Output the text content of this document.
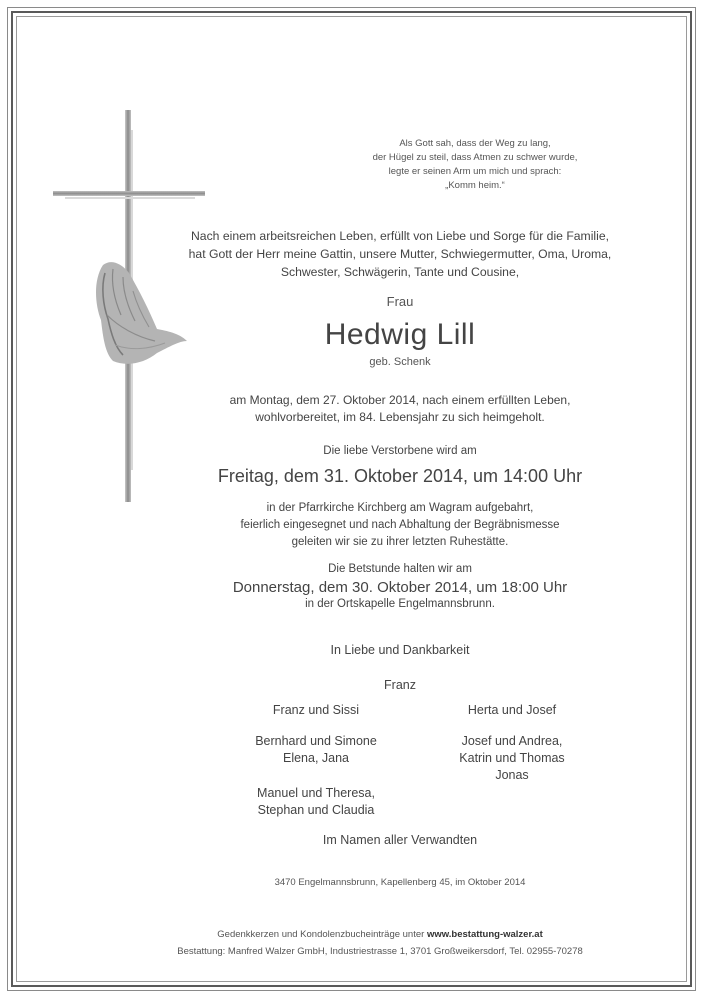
Als Gott sah, dass der Weg zu lang,
der Hügel zu steil, dass Atmen zu schwer wurde,
legte er seinen Arm um mich und sprach:
„Komm heim.“
Nach einem arbeitsreichen Leben, erfüllt von Liebe und Sorge für die Familie,
hat Gott der Herr meine Gattin, unsere Mutter, Schwiegermutter, Oma, Uroma,
Schwester, Schwägerin, Tante und Cousine,
Frau
Hedwig Lill
geb. Schenk
am Montag, dem 27. Oktober 2014, nach einem erfüllten Leben,
wohlvorbereitet, im 84. Lebensjahr zu sich heimgeholt.
Die liebe Verstorbene wird am
Freitag, dem 31. Oktober 2014, um 14:00 Uhr
in der Pfarrkirche Kirchberg am Wagram aufgebahrt,
feierlich eingesegnet und nach Abhaltung der Begräbnismesse
geleiten wir sie zu ihrer letzten Ruhestätte.
Die Betstunde halten wir am
Donnerstag, dem 30. Oktober 2014, um 18:00 Uhr
in der Ortskapelle Engelmannsbrunn.
In Liebe und Dankbarkeit
Franz
Franz und Sissi	Herta und Josef
Bernhard und Simone
Elena, Jana
Josef und Andrea,
Katrin und Thomas
Jonas
Manuel und Theresa,
Stephan und Claudia
Im Namen aller Verwandten
3470 Engelmannsbrunn, Kapellenberg 45, im Oktober 2014
Gedenkkerzen und Kondolenzbucheinträge unter www.bestattung-walzer.at
Bestattung: Manfred Walzer GmbH, Industriestrasse 1, 3701 Großweikersdorf, Tel. 02955-70278
